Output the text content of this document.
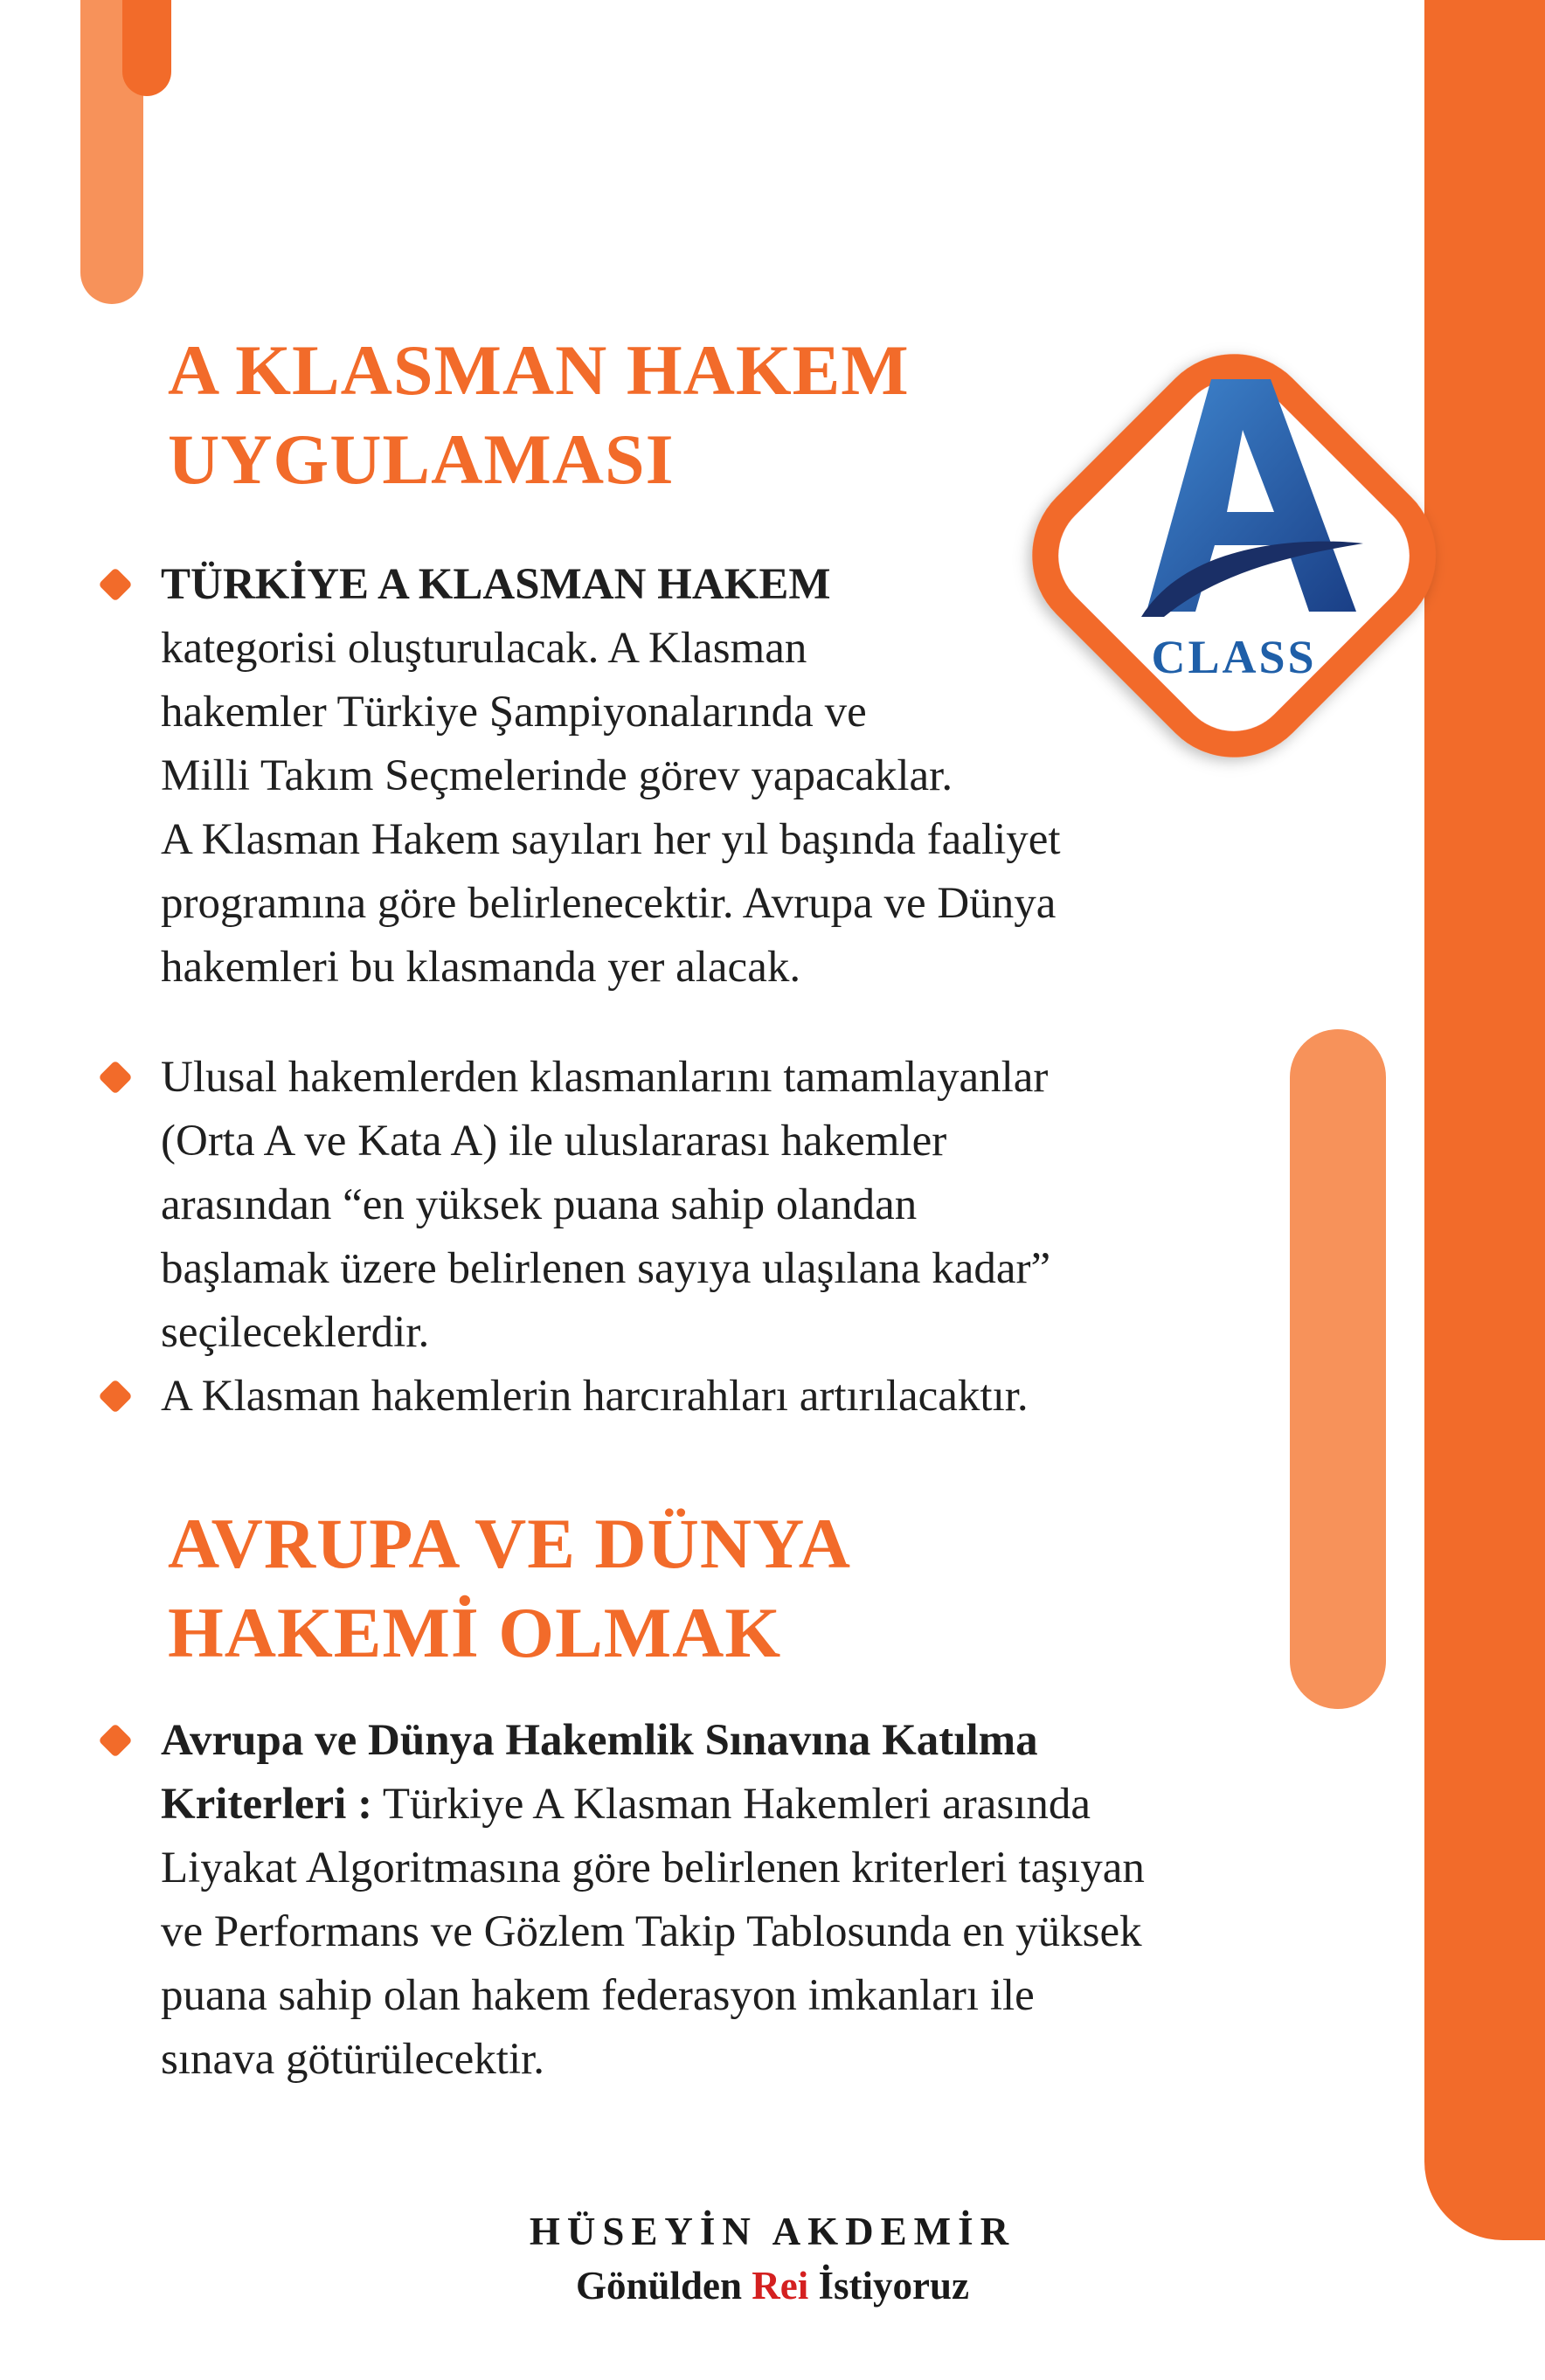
A KLASMAN HAKEM
UYGULAMASI
CLASS
TÜRKİYE A KLASMAN HAKEM
kategorisi oluşturulacak. A Klasman
hakemler Türkiye Şampiyonalarında ve
Milli Takım Seçmelerinde görev yapacaklar.
A Klasman Hakem sayıları her yıl başında faaliyet
programına göre belirlenecektir. Avrupa ve Dünya
hakemleri bu klasmanda yer alacak.
Ulusal hakemlerden klasmanlarını tamamlayanlar
(Orta A ve Kata A) ile uluslararası hakemler
arasından “en yüksek puana sahip olandan
başlamak üzere belirlenen sayıya ulaşılana kadar”
seçileceklerdir.
A Klasman hakemlerin harcırahları artırılacaktır.
AVRUPA VE DÜNYA
HAKEMİ OLMAK
Avrupa ve Dünya Hakemlik Sınavına Katılma
Kriterleri : Türkiye A Klasman Hakemleri arasında
Liyakat Algoritmasına göre belirlenen kriterleri taşıyan
ve Performans ve Gözlem Takip Tablosunda en yüksek
puana sahip olan hakem federasyon imkanları ile
sınava götürülecektir.
HÜSEYİN AKDEMİR
Gönülden Rei İstiyoruz
